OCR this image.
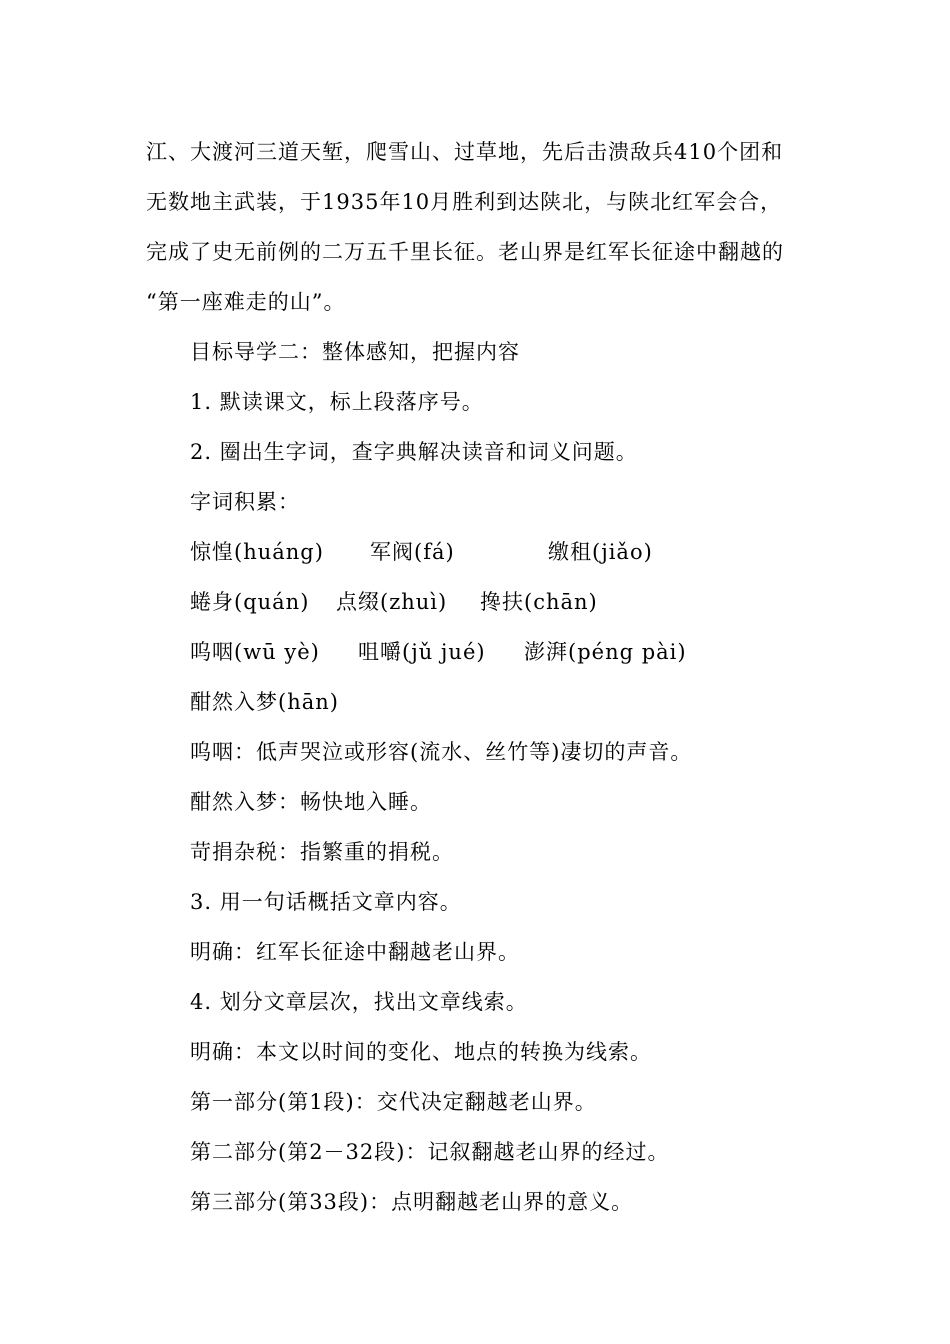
江、大渡河三道天堑，爬雪山、过草地，先后击溃敌兵410个团和
无数地主武装，于1935年10月胜利到达陕北，与陕北红军会合，
完成了史无前例的二万五千里长征。老山界是红军长征途中翻越的
“第一座难走的山”。
目标导学二：整体感知，把握内容
1. 默读课文，标上段落序号。
2. 圈出生字词，查字典解决读音和词义问题。
字词积累：
惊惶(huáng) 军阀(fá)	缴租(jiǎo)
蜷身(quán) 点缀(zhuì) 搀扶(chān)
呜咽(wū yè) 咀嚼(jǔ jué) 澎湃(péng pài)
酣然入梦(hān)
呜咽：低声哭泣或形容(流水、丝竹等)凄切的声音。
酣然入梦：畅快地入睡。
苛捐杂税：指繁重的捐税。
3. 用一句话概括文章内容。
明确：红军长征途中翻越老山界。
4. 划分文章层次，找出文章线索。
明确：本文以时间的变化、地点的转换为线索。
第一部分(第1段)：交代决定翻越老山界。
第二部分(第2－32段)：记叙翻越老山界的经过。
第三部分(第33段)：点明翻越老山界的意义。
